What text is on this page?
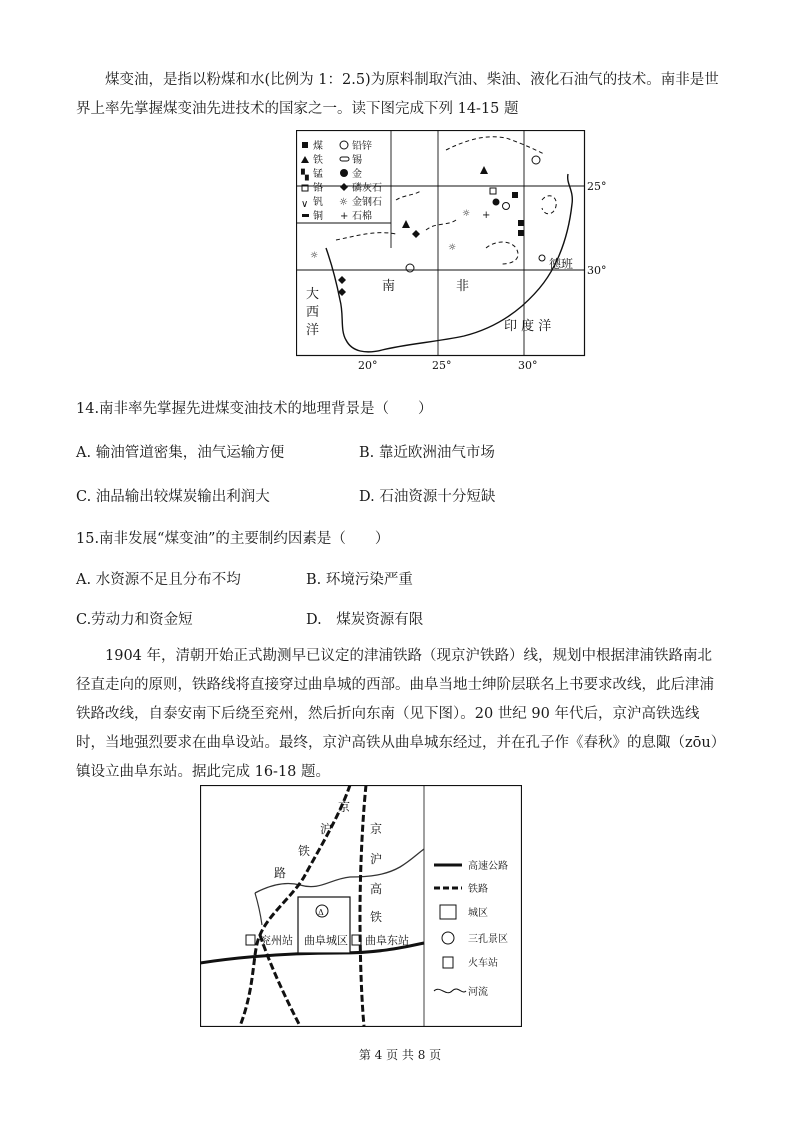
煤变油，是指以粉煤和水(比例为 1：2.5)为原料制取汽油、柴油、液化石油气的技术。南非是世界上率先掌握煤变油先进技术的国家之一。读下图完成下列 14-15 题

+
☼
☼
☼
▚
∨
煤
铁
锰
铬
钒
铜
☼
+
铅锌
锡
金
磷灰石
金钢石
石棉
25°
30°
20°	25°	30°
南	非
大
西
洋	印 度 洋
德班

14.南非率先掌握先进煤变油技术的地理背景是（　　）

A. 输油管道密集，油气运输方便	B. 靠近欧洲油气市场

C. 油品输出较煤炭输出利润大	D. 石油资源十分短缺

15.南非发展“煤变油”的主要制约因素是（　　）

A. 水资源不足且分布不均	B. 环境污染严重

C.劳动力和资金短	D.　煤炭资源有限

1904 年，清朝开始正式勘测早已议定的津浦铁路（现京沪铁路）线，规划中根据津浦铁路南北径直走向的原则，铁路线将直接穿过曲阜城的西部。曲阜当地士绅阶层联名上书要求改线，此后津浦铁路改线，自泰安南下后绕至兖州，然后折向东南（见下图）。20 世纪 90 年代后，京沪高铁选线时，当地强烈要求在曲阜设站。最终，京沪高铁从曲阜城东经过，并在孔子作《春秋》的息陬（zōu）镇设立曲阜东站。据此完成 16-18 题。

Δ
兖州站 曲阜城区 曲阜东站
京
沪
铁
路
京
沪
高
铁
高速公路
铁路
城区
三孔景区
火车站
河流

第 4 页 共 8 页
